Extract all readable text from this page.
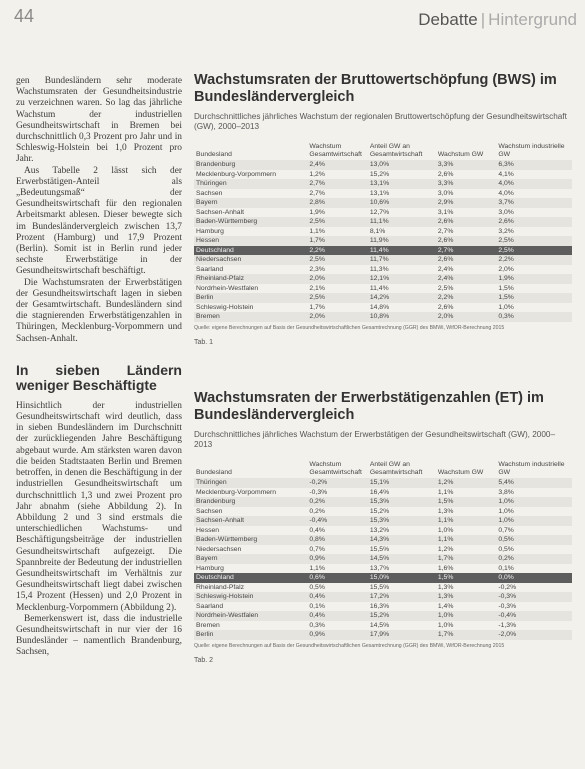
44	Debatte | Hintergrund

gen Bundesländern sehr moderate Wachstumsraten der Gesundheitsindustrie zu verzeichnen waren. So lag das jährliche Wachstum der industriellen Gesundheitswirtschaft in Bremen bei durchschnittlich 0,3 Prozent pro Jahr und in Schleswig-Holstein bei 1,0 Prozent pro Jahr.

Aus Tabelle 2 lässt sich der Erwerbstätigen-Anteil als „Bedeutungsmaß“ der Gesundheitswirtschaft für den regionalen Arbeitsmarkt ablesen. Dieser bewegte sich im Bundesländervergleich zwischen 13,7 Prozent (Hamburg) und 17,9 Prozent (Berlin). Somit ist in Berlin rund jeder sechste Erwerbstätige in der Gesundheitswirtschaft beschäftigt.

Die Wachstumsraten der Erwerbstätigen der Gesundheitswirtschaft lagen in sieben der Gesamtwirtschaft. Bundesländern sind die stagnierenden Erwerbstätigenzahlen in Thüringen, Mecklenburg-Vorpommern und Sachsen-Anhalt.

In sieben Ländern weniger Beschäftigte

Hinsichtlich der industriellen Gesundheitswirtschaft wird deutlich, dass in sieben Bundesländern im Durchschnitt der zurückliegenden Jahre Beschäftigung abgebaut wurde. Am stärksten waren davon die beiden Stadtstaaten Berlin und Bremen betroffen, in denen die Beschäftigung in der industriellen Gesundheitswirtschaft um durchschnittlich 1,3 und zwei Prozent pro Jahr abnahm (siehe Abbildung 2). In Abbildung 2 und 3 sind erstmals die unterschiedlichen Wachstums- und Beschäftigungsbeiträge der industriellen Gesundheitswirtschaft aufgezeigt. Die Spannbreite der Bedeutung der industriellen Gesundheitswirtschaft im Verhältnis zur Gesundheitswirtschaft liegt dabei zwischen 15,4 Prozent (Hessen) und 2,0 Prozent in Mecklenburg-Vorpommern (Abbildung 2).

Bemerkenswert ist, dass die industrielle Gesundheitswirtschaft in nur vier der 16 Bundesländer – namentlich Brandenburg, Sachsen,

Wachstumsraten der Bruttowertschöpfung (BWS) im Bundesländervergleich
Durchschnittliches jährliches Wachstum der regionalen Bruttowertschöpfung der Gesundheitswirtschaft (GW), 2000–2013
Bundesland	Wachstum Gesamtwirtschaft	Anteil GW an Gesamtwirtschaft	Wachstum GW	Wachstum industrielle GW
Brandenburg	2,4%	13,0%	3,3%	6,3%
Mecklenburg-Vorpommern	1,2%	15,2%	2,6%	4,1%
Thüringen	2,7%	13,1%	3,3%	4,0%
Sachsen	2,7%	13,1%	3,0%	4,0%
Bayern	2,8%	10,6%	2,9%	3,7%
Sachsen-Anhalt	1,9%	12,7%	3,1%	3,0%
Baden-Württemberg	2,5%	11,1%	2,6%	2,6%
Hamburg	1,1%	8,1%	2,7%	3,2%
Hessen	1,7%	11,9%	2,6%	2,5%
Deutschland	2,2%	11,4%	2,7%	2,5%
Niedersachsen	2,5%	11,7%	2,6%	2,2%
Saarland	2,3%	11,3%	2,4%	2,0%
Rheinland-Pfalz	2,0%	12,1%	2,4%	1,9%
Nordrhein-Westfalen	2,1%	11,4%	2,5%	1,5%
Berlin	2,5%	14,2%	2,2%	1,5%
Schleswig-Holstein	1,7%	14,8%	2,6%	1,0%
Bremen	2,0%	10,8%	2,0%	0,3%
Quelle: eigene Berechnungen auf Basis der Gesundheitswirtschaftlichen Gesamtrechnung (GGR) des BMWi, WifOR-Berechnung 2015
Tab. 1
Wachstumsraten der Erwerbstätigenzahlen (ET) im Bundesländervergleich
Durchschnittliches jährliches Wachstum der Erwerbstätigen der Gesundheitswirtschaft (GW), 2000–2013
Bundesland	Wachstum Gesamtwirtschaft	Anteil GW an Gesamtwirtschaft	Wachstum GW	Wachstum industrielle GW
Thüringen	-0,2%	15,1%	1,2%	5,4%
Mecklenburg-Vorpommern	-0,3%	16,4%	1,1%	3,8%
Brandenburg	0,2%	15,3%	1,5%	1,0%
Sachsen	0,2%	15,2%	1,3%	1,0%
Sachsen-Anhalt	-0,4%	15,3%	1,1%	1,0%
Hessen	0,4%	13,2%	1,0%	0,7%
Baden-Württemberg	0,8%	14,3%	1,1%	0,5%
Niedersachsen	0,7%	15,5%	1,2%	0,5%
Bayern	0,9%	14,5%	1,7%	0,2%
Hamburg	1,1%	13,7%	1,6%	0,1%
Deutschland	0,6%	15,0%	1,5%	0,0%
Rheinland-Pfalz	0,5%	15,5%	1,3%	-0,2%
Schleswig-Holstein	0,4%	17,2%	1,3%	-0,3%
Saarland	0,1%	16,3%	1,4%	-0,3%
Nordrhein-Westfalen	0,4%	15,2%	1,0%	-0,4%
Bremen	0,3%	14,5%	1,0%	-1,3%
Berlin	0,9%	17,9%	1,7%	-2,0%
Quelle: eigene Berechnungen auf Basis der Gesundheitswirtschaftlichen Gesamtrechnung (GGR) des BMWi, WifOR-Berechnung 2015
Tab. 2
